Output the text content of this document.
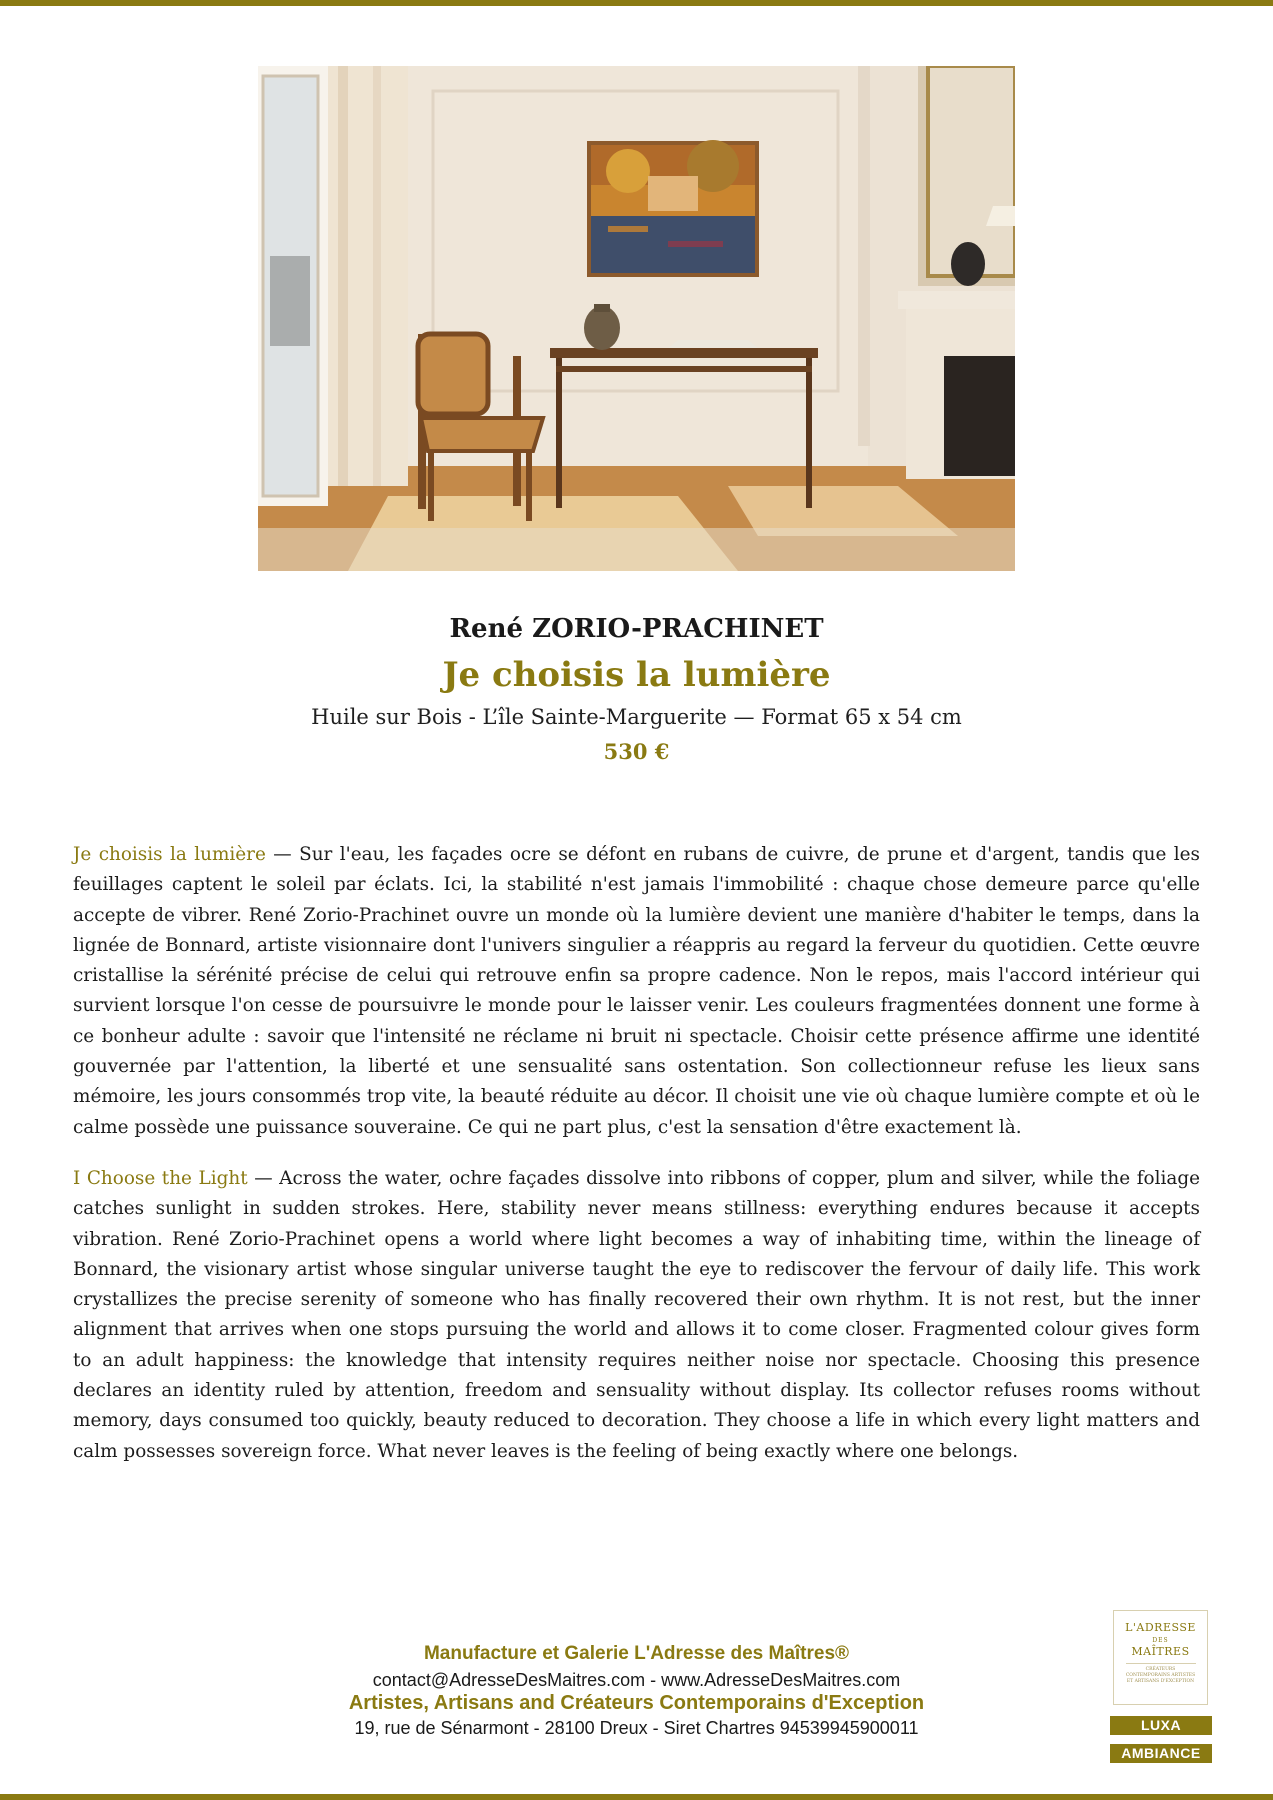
René ZORIO-PRACHINET
Je choisis la lumière
Huile sur Bois - L’île Sainte-Marguerite — Format 65 x 54 cm
530 €

Je choisis la lumière — Sur l'eau, les façades ocre se défont en rubans de cuivre, de prune et d'argent, tandis que les feuillages captent le soleil par éclats. Ici, la stabilité n'est jamais l'immobilité : chaque chose demeure parce qu'elle accepte de vibrer. René Zorio-Prachinet ouvre un monde où la lumière devient une manière d'habiter le temps, dans la lignée de Bonnard, artiste visionnaire dont l'univers singulier a réappris au regard la ferveur du quotidien. Cette œuvre cristallise la sérénité précise de celui qui retrouve enfin sa propre cadence. Non le repos, mais l'accord intérieur qui survient lorsque l'on cesse de poursuivre le monde pour le laisser venir. Les couleurs fragmentées donnent une forme à ce bonheur adulte : savoir que l'intensité ne réclame ni bruit ni spectacle. Choisir cette présence affirme une identité gouvernée par l'attention, la liberté et une sensualité sans ostentation. Son collectionneur refuse les lieux sans mémoire, les jours consommés trop vite, la beauté réduite au décor. Il choisit une vie où chaque lumière compte et où le calme possède une puissance souveraine. Ce qui ne part plus, c'est la sensation d'être exactement là.

I Choose the Light — Across the water, ochre façades dissolve into ribbons of copper, plum and silver, while the foliage catches sunlight in sudden strokes. Here, stability never means stillness: everything endures because it accepts vibration. René Zorio-Prachinet opens a world where light becomes a way of inhabiting time, within the lineage of Bonnard, the visionary artist whose singular universe taught the eye to rediscover the fervour of daily life. This work crystallizes the precise serenity of someone who has finally recovered their own rhythm. It is not rest, but the inner alignment that arrives when one stops pursuing the world and allows it to come closer. Fragmented colour gives form to an adult happiness: the knowledge that intensity requires neither noise nor spectacle. Choosing this presence declares an identity ruled by attention, freedom and sensuality without display. Its collector refuses rooms without memory, days consumed too quickly, beauty reduced to decoration. They choose a life in which every light matters and calm possesses sovereign force. What never leaves is the feeling of being exactly where one belongs.

Manufacture et Galerie L'Adresse des Maîtres®
contact@AdresseDesMaitres.com - www.AdresseDesMaitres.com
Artistes, Artisans and Créateurs Contemporains d'Exception
19, rue de Sénarmont - 28100 Dreux - Siret Chartres 94539945900011
L'ADRESSE
DES
MAÎTRES
CRÉATEURS CONTEMPORAINS ARTISTES ET ARTISANS D'EXCEPTION
LUXA
AMBIANCE
